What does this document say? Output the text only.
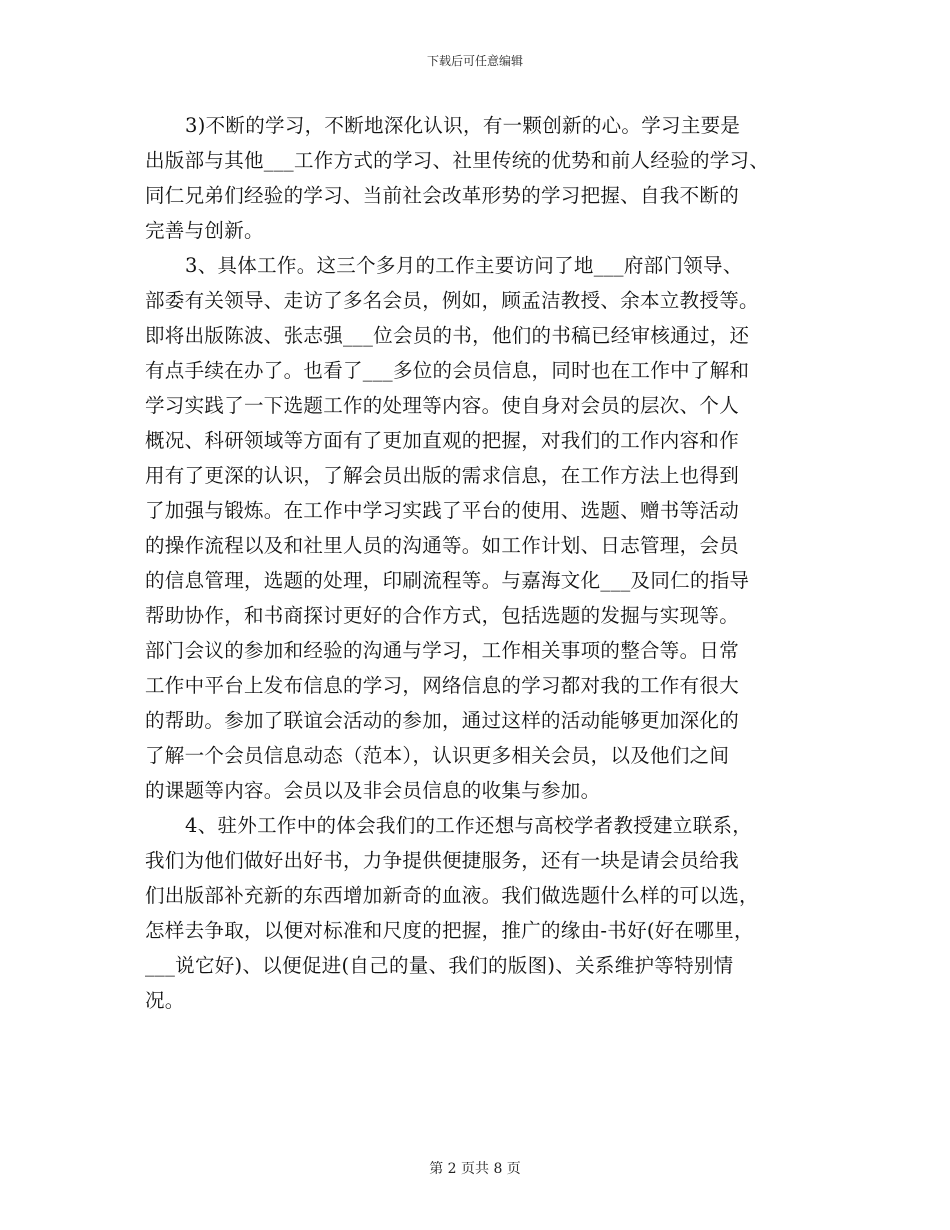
下载后可任意编辑
3)不断的学习，不断地深化认识，有一颗创新的心。学习主要是
出版部与其他___工作方式的学习、社里传统的优势和前人经验的学习、
同仁兄弟们经验的学习、当前社会改革形势的学习把握、自我不断的
完善与创新。
3、具体工作。这三个多月的工作主要访问了地___府部门领导、
部委有关领导、走访了多名会员，例如，顾孟洁教授、余本立教授等。
即将出版陈波、张志强___位会员的书，他们的书稿已经审核通过，还
有点手续在办了。也看了___多位的会员信息，同时也在工作中了解和
学习实践了一下选题工作的处理等内容。使自身对会员的层次、个人
概况、科研领域等方面有了更加直观的把握，对我们的工作内容和作
用有了更深的认识，了解会员出版的需求信息，在工作方法上也得到
了加强与锻炼。在工作中学习实践了平台的使用、选题、赠书等活动
的操作流程以及和社里人员的沟通等。如工作计划、日志管理，会员
的信息管理，选题的处理，印刷流程等。与嘉海文化___及同仁的指导
帮助协作，和书商探讨更好的合作方式，包括选题的发掘与实现等。
部门会议的参加和经验的沟通与学习，工作相关事项的整合等。日常
工作中平台上发布信息的学习，网络信息的学习都对我的工作有很大
的帮助。参加了联谊会活动的参加，通过这样的活动能够更加深化的
了解一个会员信息动态（范本），认识更多相关会员，以及他们之间
的课题等内容。会员以及非会员信息的收集与参加。
4、驻外工作中的体会我们的工作还想与高校学者教授建立联系，
我们为他们做好出好书，力争提供便捷服务，还有一块是请会员给我
们出版部补充新的东西增加新奇的血液。我们做选题什么样的可以选，
怎样去争取，以便对标准和尺度的把握，推广的缘由-书好(好在哪里，
___说它好)、以便促进(自己的量、我们的版图)、关系维护等特别情
况。
第 2 页共 8 页
